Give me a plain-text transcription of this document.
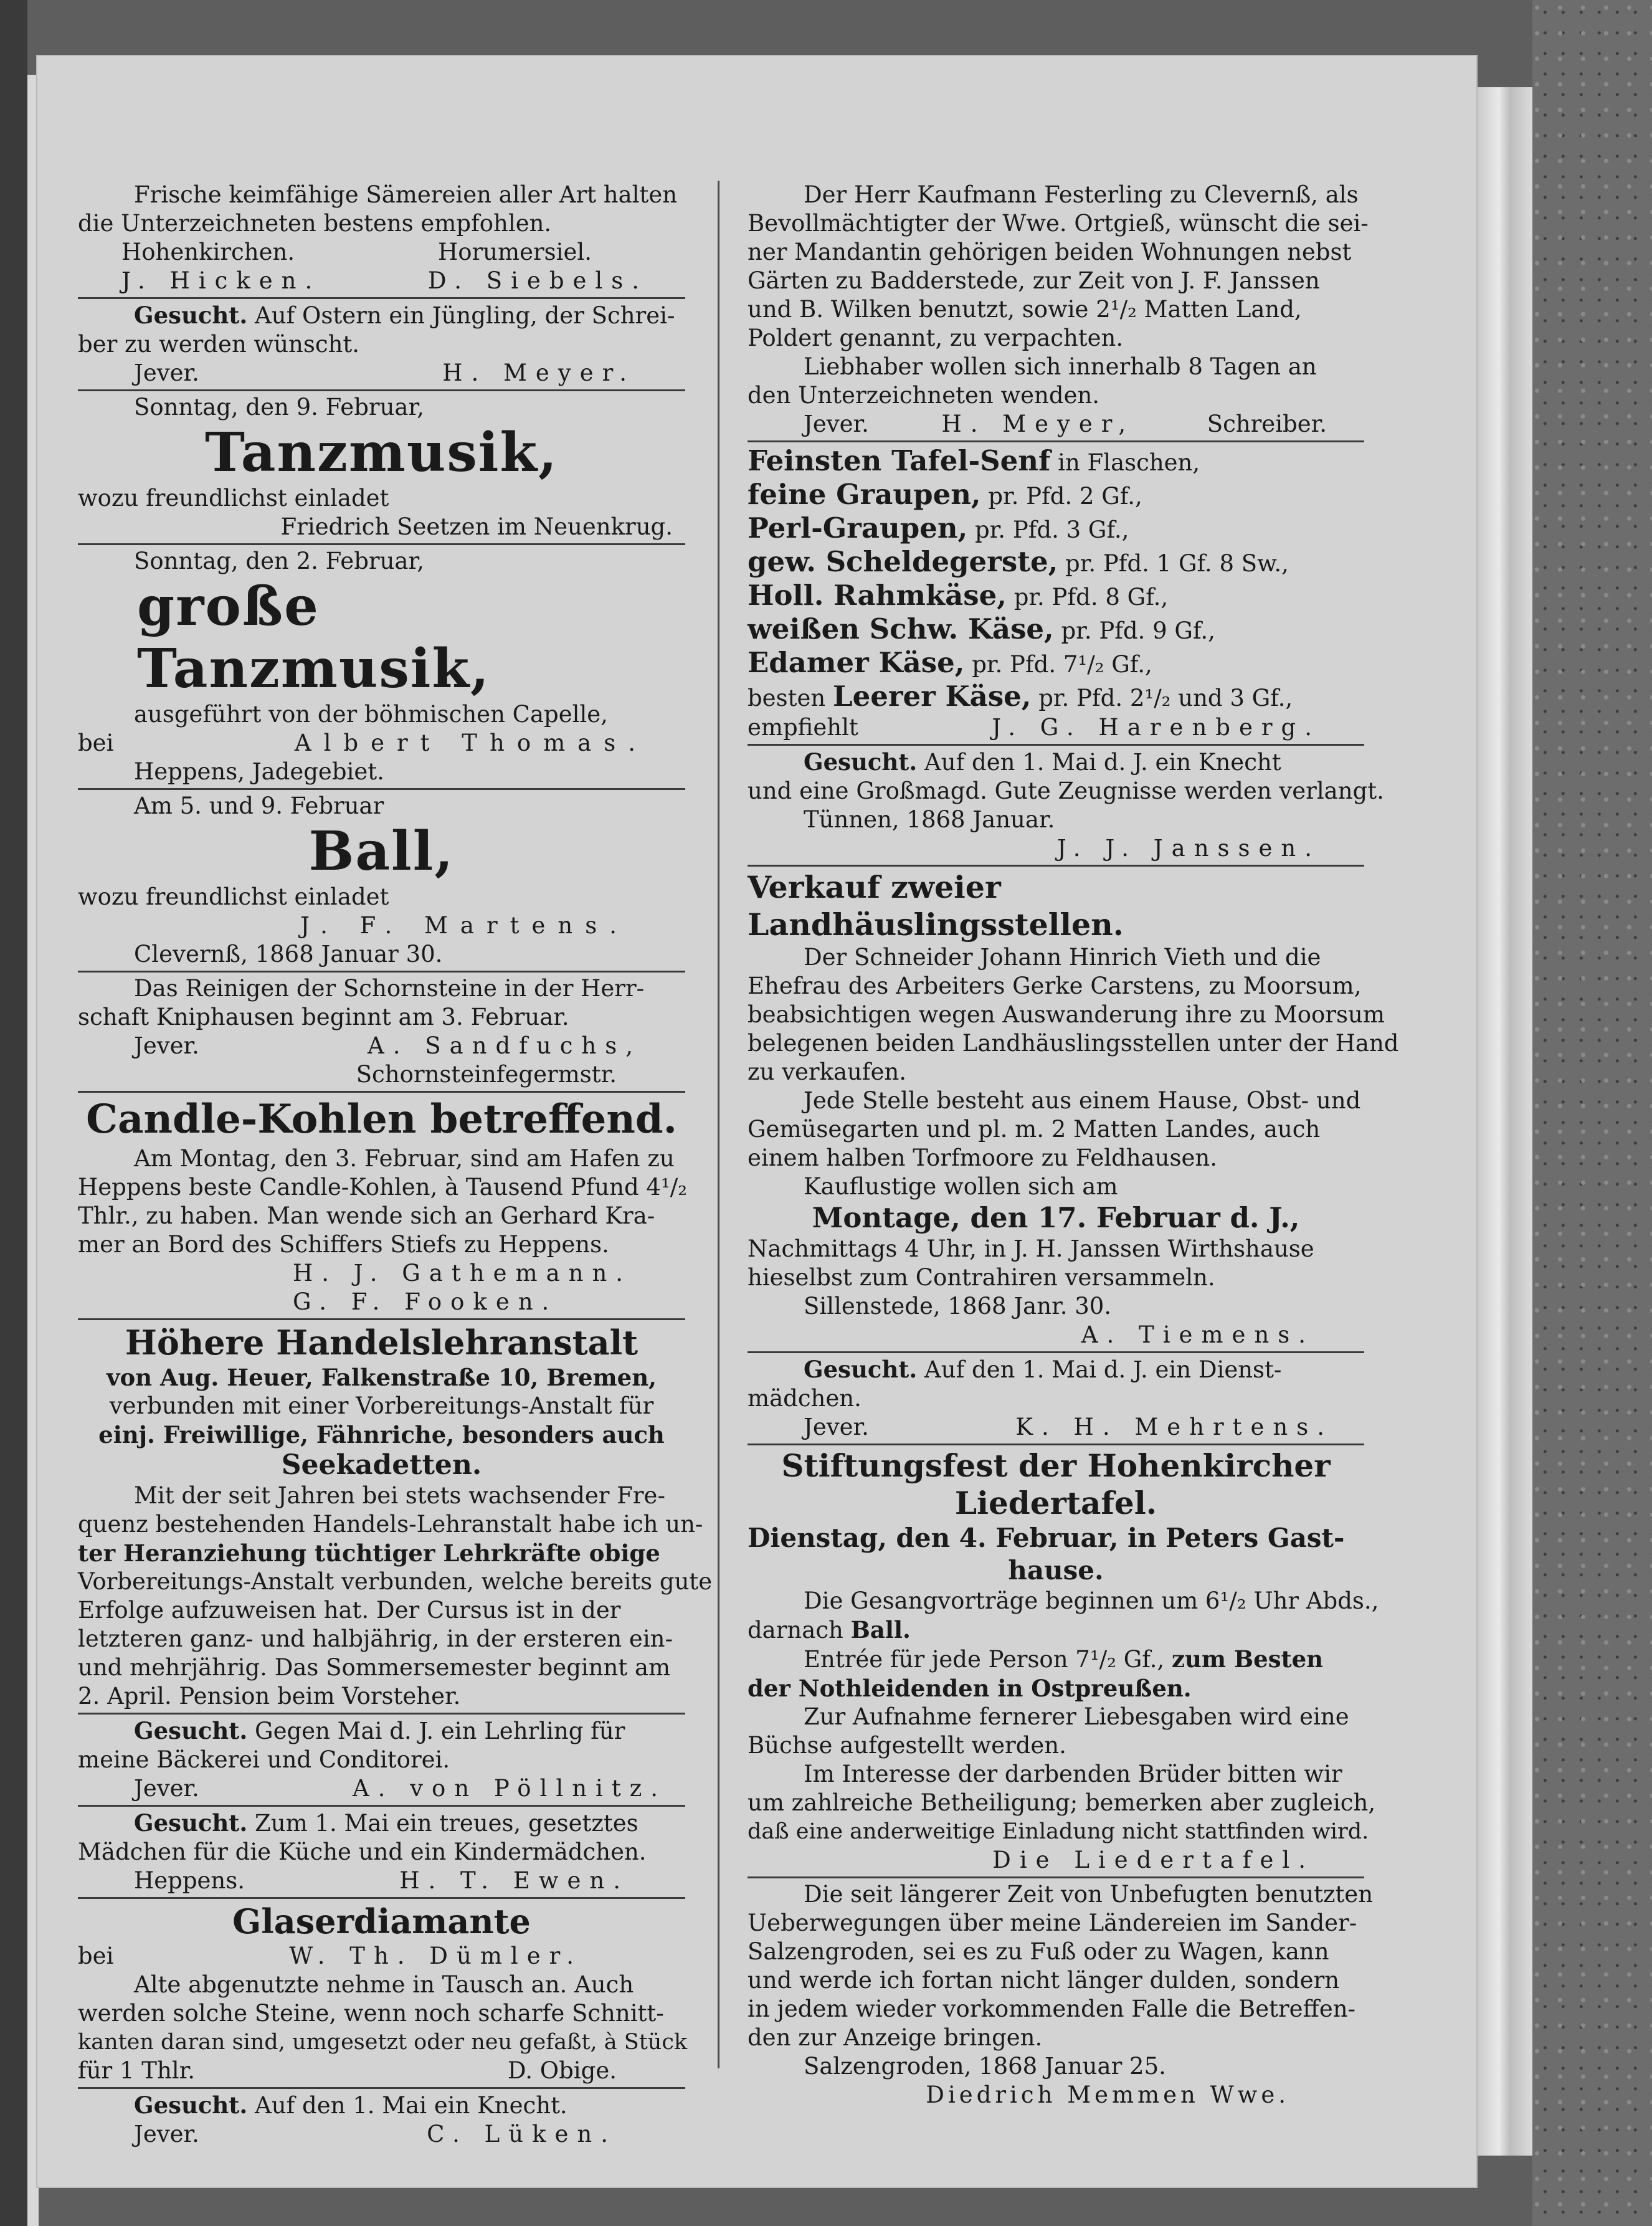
Frische keimfähige Sämereien aller Art halten
die Unterzeichneten bestens empfohlen.
Hohenkirchen.	Horumersiel.
J. Hicken.	D. Siebels.
Gesucht. Auf Ostern ein Jüngling, der Schrei-
ber zu werden wünscht.
Jever.	H. Meyer.
Sonntag, den 9. Februar,
Tanzmusik,
wozu freundlichst einladet
Friedrich Seetzen im Neuenkrug.
Sonntag, den 2. Februar,
große Tanzmusik,
ausgeführt von der böhmischen Capelle,
bei	Albert Thomas.
Heppens, Jadegebiet.
Am 5. und 9. Februar
Ball,
wozu freundlichst einladet
J. F. Martens.
Clevernß, 1868 Januar 30.
Das Reinigen der Schornsteine in der Herr-
schaft Kniphausen beginnt am 3. Februar.
Jever.	A. Sandfuchs,
Schornsteinfegermstr.
Candle-Kohlen betreffend.
Am Montag, den 3. Februar, sind am Hafen zu
Heppens beste Candle-Kohlen, à Tausend Pfund 4¹/₂
Thlr., zu haben. Man wende sich an Gerhard Kra-
mer an Bord des Schiffers Stiefs zu Heppens.
H. J. Gathemann.
G. F. Fooken.
Höhere Handelslehranstalt
von Aug. Heuer, Falkenstraße 10, Bremen,
verbunden mit einer Vorbereitungs-Anstalt für
einj. Freiwillige, Fähnriche, besonders auch
Seekadetten.
Mit der seit Jahren bei stets wachsender Fre-
quenz bestehenden Handels-Lehranstalt habe ich un-
ter Heranziehung tüchtiger Lehrkräfte obige
Vorbereitungs-Anstalt verbunden, welche bereits gute
Erfolge aufzuweisen hat. Der Cursus ist in der
letzteren ganz- und halbjährig, in der ersteren ein-
und mehrjährig. Das Sommersemester beginnt am
2. April. Pension beim Vorsteher.
Gesucht. Gegen Mai d. J. ein Lehrling für
meine Bäckerei und Conditorei.
Jever.	A. von Pöllnitz.
Gesucht. Zum 1. Mai ein treues, gesetztes
Mädchen für die Küche und ein Kindermädchen.
Heppens.	H. T. Ewen.
Glaserdiamante
bei	W. Th. Dümler.
Alte abgenutzte nehme in Tausch an. Auch
werden solche Steine, wenn noch scharfe Schnitt-
kanten daran sind, umgesetzt oder neu gefaßt, à Stück
für 1 Thlr.	D. Obige.
Gesucht. Auf den 1. Mai ein Knecht.
Jever.	C. Lüken.
Der Herr Kaufmann Festerling zu Clevernß, als
Bevollmächtigter der Wwe. Ortgieß, wünscht die sei-
ner Mandantin gehörigen beiden Wohnungen nebst
Gärten zu Badderstede, zur Zeit von J. F. Janssen
und B. Wilken benutzt, sowie 2¹/₂ Matten Land,
Poldert genannt, zu verpachten.
Liebhaber wollen sich innerhalb 8 Tagen an
den Unterzeichneten wenden.
Jever.	H. Meyer,	Schreiber.
Feinsten Tafel-Senf in Flaschen,
feine Graupen, pr. Pfd. 2 Gf.,
Perl-Graupen, pr. Pfd. 3 Gf.,
gew. Scheldegerste, pr. Pfd. 1 Gf. 8 Sw.,
Holl. Rahmkäse, pr. Pfd. 8 Gf.,
weißen Schw. Käse, pr. Pfd. 9 Gf.,
Edamer Käse, pr. Pfd. 7¹/₂ Gf.,
besten Leerer Käse, pr. Pfd. 2¹/₂ und 3 Gf.,
empfiehlt	J. G. Harenberg.
Gesucht. Auf den 1. Mai d. J. ein Knecht
und eine Großmagd. Gute Zeugnisse werden verlangt.
Tünnen, 1868 Januar.
J. J. Janssen.
Verkauf zweier Landhäuslingsstellen.
Der Schneider Johann Hinrich Vieth und die
Ehefrau des Arbeiters Gerke Carstens, zu Moorsum,
beabsichtigen wegen Auswanderung ihre zu Moorsum
belegenen beiden Landhäuslingsstellen unter der Hand
zu verkaufen.
Jede Stelle besteht aus einem Hause, Obst- und
Gemüsegarten und pl. m. 2 Matten Landes, auch
einem halben Torfmoore zu Feldhausen.
Kauflustige wollen sich am
Montage, den 17. Februar d. J.,
Nachmittags 4 Uhr, in J. H. Janssen Wirthshause
hieselbst zum Contrahiren versammeln.
Sillenstede, 1868 Janr. 30.
A. Tiemens.
Gesucht. Auf den 1. Mai d. J. ein Dienst-
mädchen.
Jever.	K. H. Mehrtens.
Stiftungsfest der Hohenkircher
Liedertafel.
Dienstag, den 4. Februar, in Peters Gast-
hause.
Die Gesangvorträge beginnen um 6¹/₂ Uhr Abds.,
darnach Ball.
Entrée für jede Person 7¹/₂ Gf., zum Besten
der Nothleidenden in Ostpreußen.
Zur Aufnahme fernerer Liebesgaben wird eine
Büchse aufgestellt werden.
Im Interesse der darbenden Brüder bitten wir
um zahlreiche Betheiligung; bemerken aber zugleich,
daß eine anderweitige Einladung nicht stattfinden wird.
Die Liedertafel.
Die seit längerer Zeit von Unbefugten benutzten
Ueberwegungen über meine Ländereien im Sander-
Salzengroden, sei es zu Fuß oder zu Wagen, kann
und werde ich fortan nicht länger dulden, sondern
in jedem wieder vorkommenden Falle die Betreffen-
den zur Anzeige bringen.
Salzengroden, 1868 Januar 25.
Diedrich Memmen Wwe.
